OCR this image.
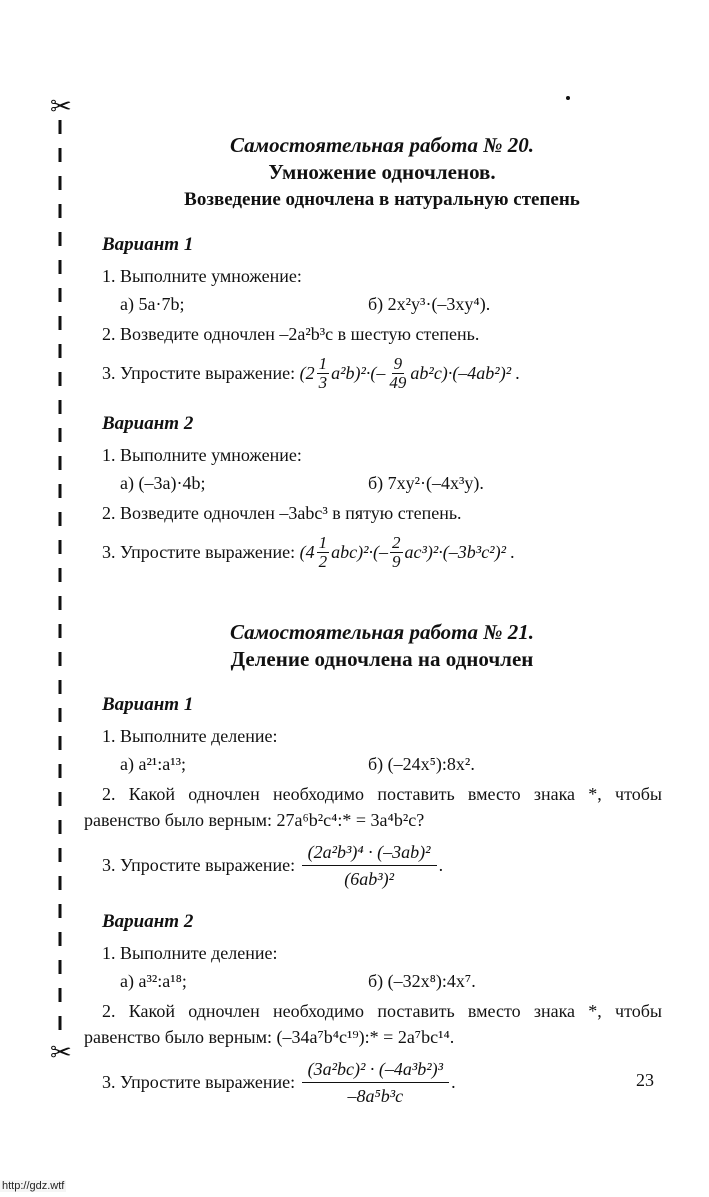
✂
✂
Самостоятельная работа № 20.
Умножение одночленов.
Возведение одночлена в натуральную степень
Вариант 1
1. Выполните умножение:
а) 5a·7b;	б) 2x²y³·(–3xy⁴).
2. Возведите одночлен –2a²b³c в шестую степень.
3. Упростите выражение:
$(2 \frac{1}{3} a^2b)^2$ ·(– $\frac{9}{49} ab^2c) \cdot(-4ab^2)^2$ .
Вариант 2
1. Выполните умножение:
а) (–3a)·4b;	б) 7xy²·(–4x³y).
2. Возведите одночлен –3abc³ в пятую степень.
3. Упростите выражение:
$(4 \frac{1}{2} abc)^2$ ·(– $\frac{2}{9} ac^3)^2 \cdot(-3b^3c^2)^2$ .
Самостоятельная работа № 21.
Деление одночлена на одночлен
Вариант 1
1. Выполните деление:
а) a²¹:a¹³;	б) (–24x⁵):8x².
2. Какой одночлен необходимо поставить вместо знака *, чтобы равенство было верным: 27a⁶b²c⁴:* = 3a⁴b²c?
3. Упростите выражение:
$\frac{\text{(2a²b³)⁴ · (–3ab)²}}{\text{(6ab³)²}}$ .
Вариант 2
1. Выполните деление:
а) a³²:a¹⁸;	б) (–32x⁸):4x⁷.
2. Какой одночлен необходимо поставить вместо знака *, чтобы равенство было верным: (–34a⁷b⁴c¹⁹):* = 2a⁷bc¹⁴.
3. Упростите выражение:
$\frac{\text{(3a²bc)² · (–4a³b²)³}}{\text{–8a⁵b³c}}$ .	23
http://gdz.wtf
